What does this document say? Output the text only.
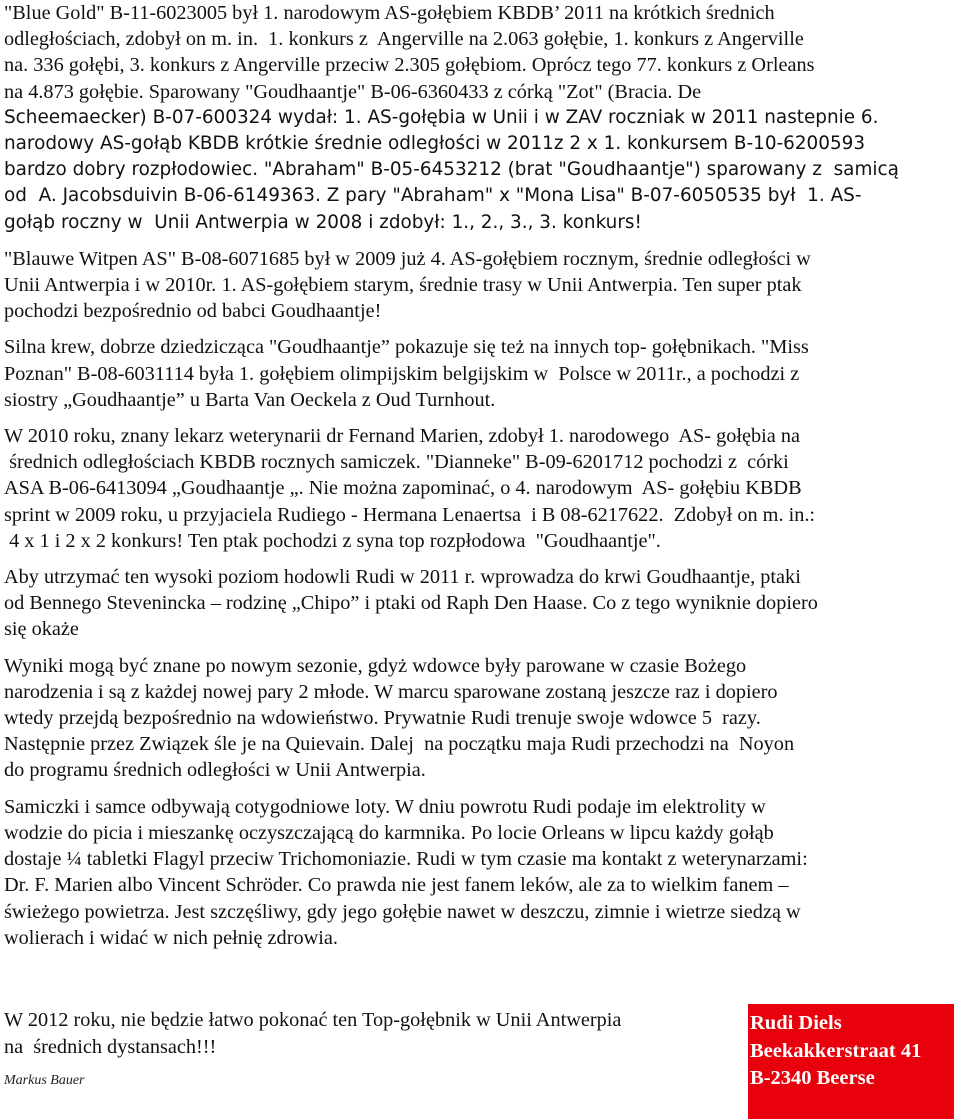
"Blue Gold" B-11-6023005 był 1. narodowym AS-gołębiem KBDB’ 2011 na krótkich średnich

odległościach, zdobył on m. in.  1. konkurs z  Angerville na 2.063 gołębie, 1. konkurs z Angerville

na. 336 gołębi, 3. konkurs z Angerville przeciw 2.305 gołębiom. Oprócz tego 77. konkurs z Orleans

na 4.873 gołębie. Sparowany "Goudhaantje" B-06-6360433 z córką "Zot" (Bracia. De

Scheemaecker) B-07-600324 wydał: 1. AS-gołębia w Unii i w ZAV roczniak w 2011 nastepnie 6.

narodowy AS-gołąb KBDB krótkie średnie odległości w 2011z 2 x 1. konkursem B-10-6200593

bardzo dobry rozpłodowiec. "Abraham" B-05-6453212 (brat "Goudhaantje") sparowany z  samicą

od  A. Jacobsduivin B-06-6149363. Z pary "Abraham" x "Mona Lisa" B-07-6050535 był  1. AS-

gołąb roczny w  Unii Antwerpia w 2008 i zdobył: 1., 2., 3., 3. konkurs!

"Blauwe Witpen AS" B-08-6071685 był w 2009 już 4. AS-gołębiem rocznym, średnie odległości w
Unii Antwerpia i w 2010r. 1. AS-gołębiem starym, średnie trasy w Unii Antwerpia. Ten super ptak
pochodzi bezpośrednio od babci Goudhaantje!

Silna krew, dobrze dziedzicząca "Goudhaantje” pokazuje się też na innych top- gołębnikach. "Miss
Poznan" B-08-6031114 była 1. gołębiem olimpijskim belgijskim w  Polsce w 2011r., a pochodzi z
siostry „Goudhaantje” u Barta Van Oeckela z Oud Turnhout.

W 2010 roku, znany lekarz weterynarii dr Fernand Marien, zdobył 1. narodowego  AS- gołębia na
średnich odległościach KBDB rocznych samiczek. "Dianneke" B-09-6201712 pochodzi z  córki
ASA B-06-6413094 „Goudhaantje „. Nie można zapominać, o 4. narodowym  AS- gołębiu KBDB
sprint w 2009 roku, u przyjaciela Rudiego - Hermana Lenaertsa  i B 08-6217622.  Zdobył on m. in.:
4 x 1 i 2 x 2 konkurs! Ten ptak pochodzi z syna top rozpłodowa  "Goudhaantje".

Aby utrzymać ten wysoki poziom hodowli Rudi w 2011 r. wprowadza do krwi Goudhaantje, ptaki
od Bennego Stevenincka – rodzinę „Chipo” i ptaki od Raph Den Haase. Co z tego wyniknie dopiero
się okaże

Wyniki mogą być znane po nowym sezonie, gdyż wdowce były parowane w czasie Bożego
narodzenia i są z każdej nowej pary 2 młode. W marcu sparowane zostaną jeszcze raz i dopiero
wtedy przejdą bezpośrednio na wdowieństwo. Prywatnie Rudi trenuje swoje wdowce 5  razy.
Następnie przez Związek śle je na Quievain. Dalej  na początku maja Rudi przechodzi na  Noyon
do programu średnich odległości w Unii Antwerpia.

Samiczki i samce odbywają cotygodniowe loty. W dniu powrotu Rudi podaje im elektrolity w
wodzie do picia i mieszankę oczyszczającą do karmnika. Po locie Orleans w lipcu każdy gołąb
dostaje ¼ tabletki Flagyl przeciw Trichomoniazie. Rudi w tym czasie ma kontakt z weterynarzami:
Dr. F. Marien albo Vincent Schröder. Co prawda nie jest fanem leków, ale za to wielkim fanem –
świeżego powietrza. Jest szczęśliwy, gdy jego gołębie nawet w deszczu, zimnie i wietrze siedzą w
wolierach i widać w nich pełnię zdrowia.

W 2012 roku, nie będzie łatwo pokonać ten Top-gołębnik w Unii Antwerpia
na  średnich dystansach!!!

Markus Bauer
Rudi Diels
Beekakkerstraat 41
B-2340 Beerse
